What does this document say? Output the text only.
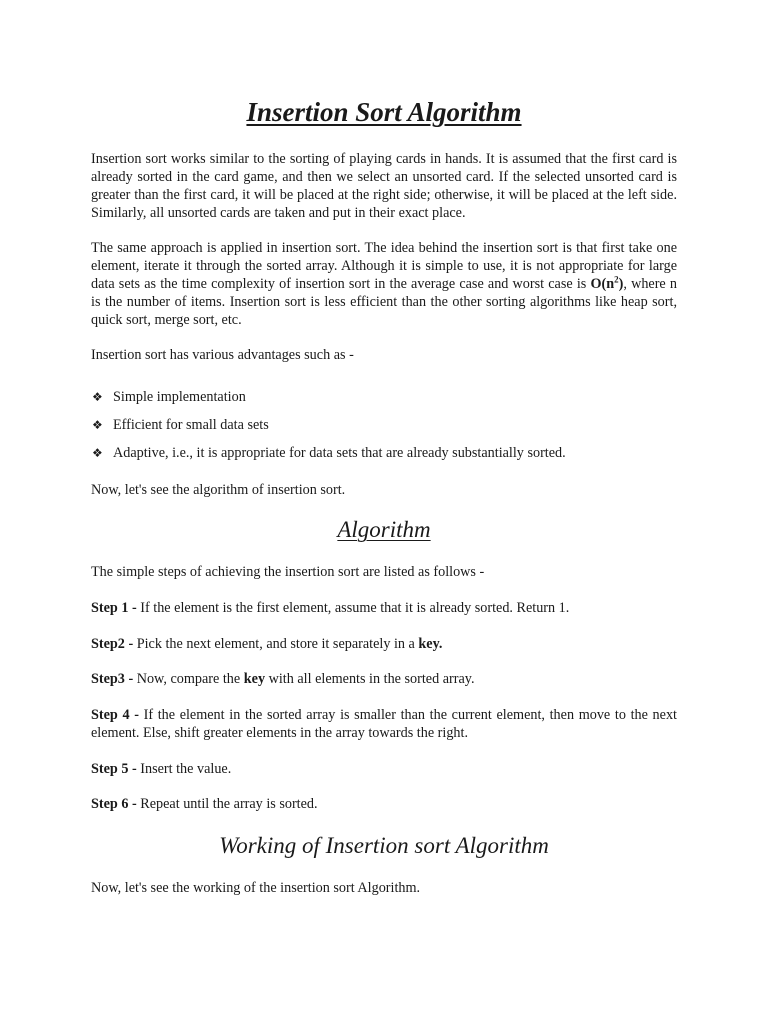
Insertion Sort Algorithm

Insertion sort works similar to the sorting of playing cards in hands. It is assumed that the first card is already sorted in the card game, and then we select an unsorted card. If the selected unsorted card is greater than the first card, it will be placed at the right side; otherwise, it will be placed at the left side. Similarly, all unsorted cards are taken and put in their exact place.

The same approach is applied in insertion sort. The idea behind the insertion sort is that first take one element, iterate it through the sorted array. Although it is simple to use, it is not appropriate for large data sets as the time complexity of insertion sort in the average case and worst case is $O(n^2)$, where n is the number of items. Insertion sort is less efficient than the other sorting algorithms like heap sort, quick sort, merge sort, etc.

Insertion sort has various advantages such as -

❖ Simple implementation
❖ Efficient for small data sets
❖ Adaptive, i.e., it is appropriate for data sets that are already substantially sorted.

Now, let's see the algorithm of insertion sort.

Algorithm

The simple steps of achieving the insertion sort are listed as follows -

Step 1 - If the element is the first element, assume that it is already sorted. Return 1.

Step2 - Pick the next element, and store it separately in a key.

Step3 - Now, compare the key with all elements in the sorted array.

Step 4 - If the element in the sorted array is smaller than the current element, then move to the next element. Else, shift greater elements in the array towards the right.

Step 5 - Insert the value.

Step 6 - Repeat until the array is sorted.

Working of Insertion sort Algorithm

Now, let's see the working of the insertion sort Algorithm.
